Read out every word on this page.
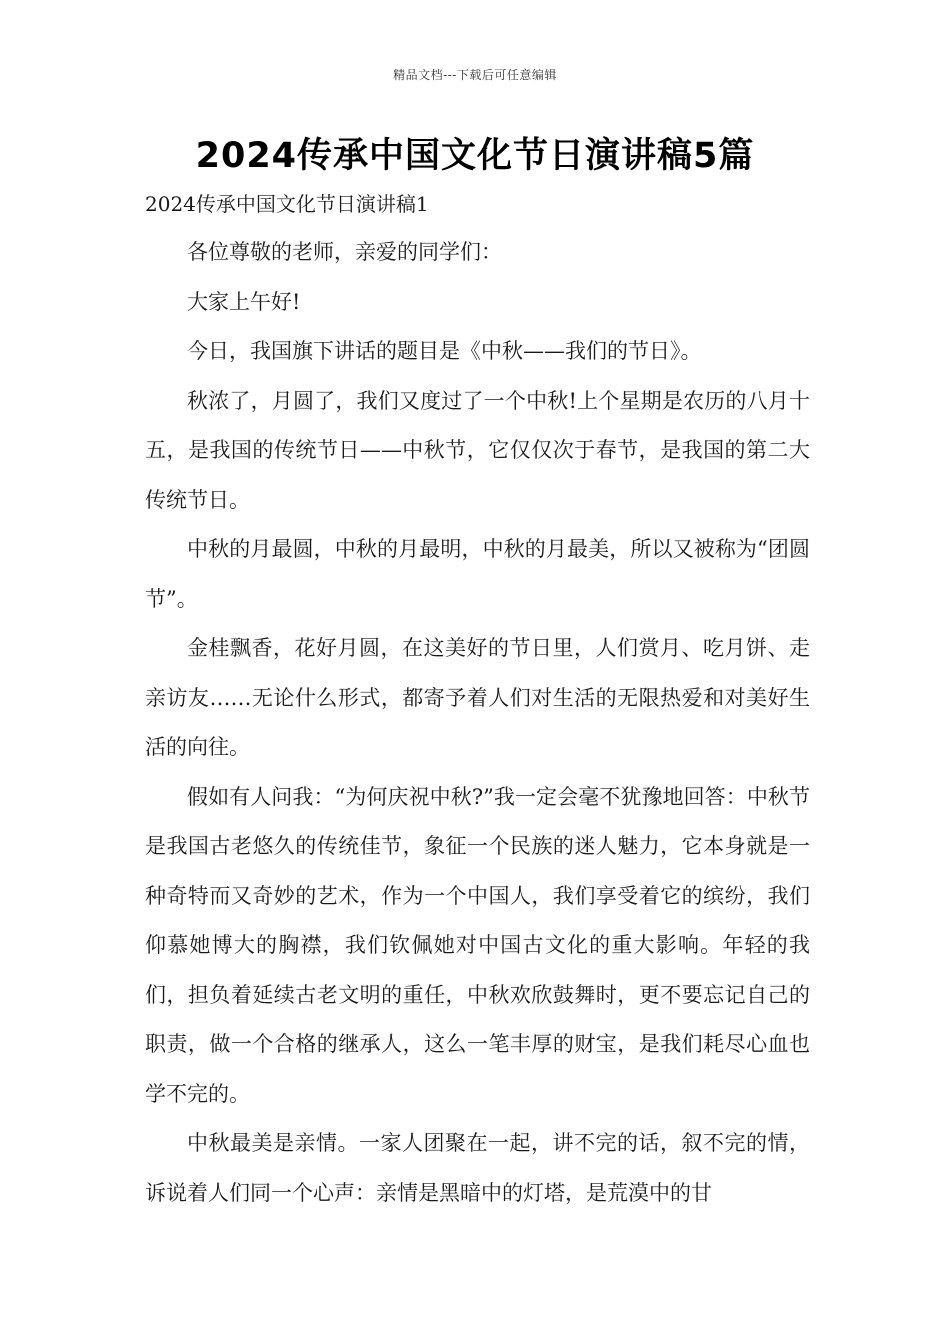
精品文档---下载后可任意编辑
2024传承中国文化节日演讲稿5篇
2024传承中国文化节日演讲稿1

各位尊敬的老师，亲爱的同学们：

大家上午好!

今日，我国旗下讲话的题目是《中秋——我们的节日》。

秋浓了，月圆了，我们又度过了一个中秋!上个星期是农历的八月十五，是我国的传统节日——中秋节，它仅仅次于春节，是我国的第二大传统节日。

中秋的月最圆，中秋的月最明，中秋的月最美，所以又被称为“团圆节”。

金桂飘香，花好月圆，在这美好的节日里，人们赏月、吃月饼、走亲访友……无论什么形式，都寄予着人们对生活的无限热爱和对美好生活的向往。

假如有人问我：“为何庆祝中秋?”我一定会毫不犹豫地回答：中秋节是我国古老悠久的传统佳节，象征一个民族的迷人魅力，它本身就是一种奇特而又奇妙的艺术，作为一个中国人，我们享受着它的缤纷，我们仰慕她博大的胸襟，我们钦佩她对中国古文化的重大影响。年轻的我们，担负着延续古老文明的重任，中秋欢欣鼓舞时，更不要忘记自己的职责，做一个合格的继承人，这么一笔丰厚的财宝，是我们耗尽心血也学不完的。

中秋最美是亲情。一家人团聚在一起，讲不完的话，叙不完的情，诉说着人们同一个心声：亲情是黑暗中的灯塔，是荒漠中的甘
